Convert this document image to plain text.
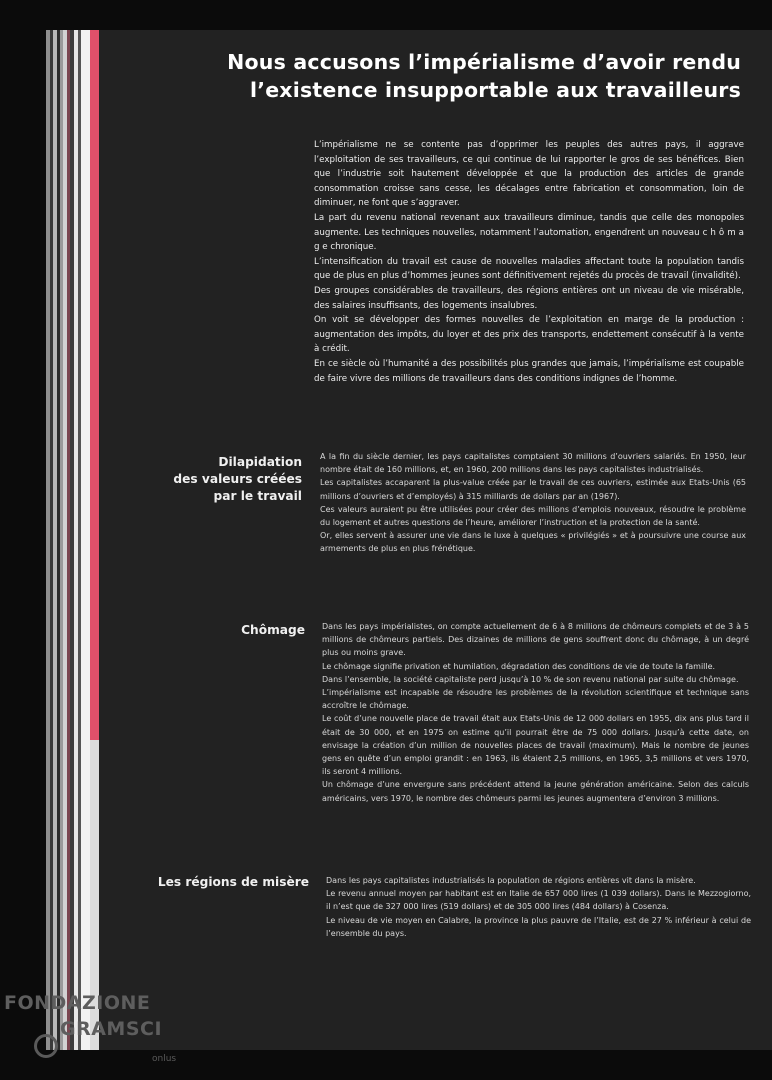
Nous accusons l’impérialisme d’avoir rendu
l’existence insupportable aux travailleurs

L’impérialisme ne se contente pas d’opprimer les peuples des autres pays, il aggrave l’exploitation de ses travailleurs, ce qui continue de lui rapporter le gros de ses bénéfices. Bien que l’industrie soit hautement développée et que la production des articles de grande consommation croisse sans cesse, les décalages entre fabrication et consommation, loin de diminuer, ne font que s’aggraver.

La part du revenu national revenant aux travailleurs diminue, tandis que celle des monopoles augmente. Les techniques nouvelles, notamment l’automation, engendrent un nouveau c h ô m a g e chronique.

L’intensification du travail est cause de nouvelles maladies affectant toute la population tandis que de plus en plus d’hommes jeunes sont définitivement rejetés du procès de travail (invalidité).

Des groupes considérables de travailleurs, des régions entières ont un niveau de vie misérable, des salaires insuffisants, des logements insalubres.

On voit se développer des formes nouvelles de l’exploitation en marge de la production : augmentation des impôts, du loyer et des prix des transports, endettement consécutif à la vente à crédit.

En ce siècle où l’humanité a des possibilités plus grandes que jamais, l’impérialisme est coupable de faire vivre des millions de travailleurs dans des conditions indignes de l’homme.

Dilapidation
des valeurs créées
par le travail

A la fin du siècle dernier, les pays capitalistes comptaient 30 millions d’ouvriers salariés. En 1950, leur nombre était de 160 millions, et, en 1960, 200 millions dans les pays capitalistes industrialisés.

Les capitalistes accaparent la plus-value créée par le travail de ces ouvriers, estimée aux Etats-Unis (65 millions d’ouvriers et d’employés) à 315 milliards de dollars par an (1967).

Ces valeurs auraient pu être utilisées pour créer des millions d’emplois nouveaux, résoudre le problème du logement et autres questions de l’heure, améliorer l’instruction et la protection de la santé.

Or, elles servent à assurer une vie dans le luxe à quelques « privilégiés » et à poursuivre une course aux armements de plus en plus frénétique.

Chômage Dans les pays impérialistes, on compte actuellement de 6 à 8 millions de chômeurs complets et de 3 à 5 millions de chômeurs partiels. Des dizaines de millions de gens souffrent donc du chômage, à un degré plus ou moins grave.

Le chômage signifie privation et humilation, dégradation des conditions de vie de toute la famille.

Dans l’ensemble, la société capitaliste perd jusqu’à 10 % de son revenu national par suite du chômage.

L’impérialisme est incapable de résoudre les problèmes de la révolution scientifique et technique sans accroître le chômage.

Le coût d’une nouvelle place de travail était aux Etats-Unis de 12 000 dollars en 1955, dix ans plus tard il était de 30 000, et en 1975 on estime qu’il pourrait être de 75 000 dollars. Jusqu’à cette date, on envisage la création d’un million de nouvelles places de travail (maximum). Mais le nombre de jeunes gens en quête d’un emploi grandit : en 1963, ils étaient 2,5 millions, en 1965, 3,5 millions et vers 1970, ils seront 4 millions.

Un chômage d’une envergure sans précédent attend la jeune génération américaine. Selon des calculs américains, vers 1970, le nombre des chômeurs parmi les jeunes augmentera d’environ 3 millions.

Les régions de misère Dans les pays capitalistes industrialisés la population de régions entières vit dans la misère.

Le revenu annuel moyen par habitant est en Italie de 657 000 lires (1 039 dollars). Dans le Mezzogiorno, il n’est que de 327 000 lires (519 dollars) et de 305 000 lires (484 dollars) à Cosenza.

Le niveau de vie moyen en Calabre, la province la plus pauvre de l’Italie, est de 27 % inférieur à celui de l’ensemble du pays.

FONDAZIONE
GRAMSCI
onlus
